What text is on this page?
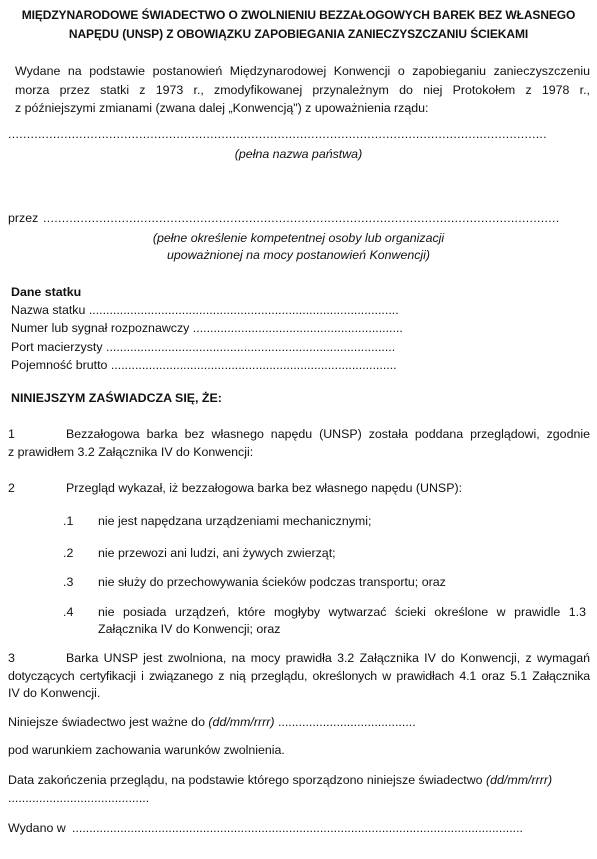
MIĘDZYNARODOWE ŚWIADECTWO O ZWOLNIENIU BEZZAŁOGOWYCH BAREK BEZ WŁASNEGO
NAPĘDU (UNSP) Z OBOWIĄZKU ZAPOBIEGANIA ZANIECZYSZCZANIU ŚCIEKAMI
Wydane na podstawie postanowień Międzynarodowej Konwencji o zapobieganiu zanieczyszczeniu
morza przez statki z 1973 r., zmodyfikowanej przynależnym do niej Protokołem z 1978 r.,
z późniejszymi zmianami (zwana dalej „Konwencją") z upoważnienia rządu:
................................................................................................................................................
(pełna nazwa państwa)
przez ..........................................................................................................................................
(pełne określenie kompetentnej osoby lub organizacji
upoważnionej na mocy postanowień Konwencji)
Dane statku
Nazwa statku ..........................................................................................
Numer lub sygnał rozpoznawczy .............................................................
Port macierzysty ....................................................................................
Pojemność brutto ...................................................................................
NINIEJSZYM ZAŚWIADCZA SIĘ, ŻE:
1	Bezzałogowa barka bez własnego napędu (UNSP) została poddana przeglądowi, zgodnie
z prawidłem 3.2 Załącznika IV do Konwencji:
2	Przegląd wykazał, iż bezzałogowa barka bez własnego napędu (UNSP):
.1 nie jest napędzana urządzeniami mechanicznymi;
.2 nie przewozi ani ludzi, ani żywych zwierząt;
.3 nie służy do przechowywania ścieków podczas transportu; oraz
.4 nie posiada urządzeń, które mogłyby wytwarzać ścieki określone w prawidle 1.3
Załącznika IV do Konwencji; oraz
3	Barka UNSP jest zwolniona, na mocy prawidła 3.2 Załącznika IV do Konwencji, z wymagań
dotyczących certyfikacji i związanego z nią przeglądu, określonych w prawidłach 4.1 oraz 5.1 Załącznika
IV do Konwencji.
Niniejsze świadectwo jest ważne do (dd/mm/rrrr) ........................................
pod warunkiem zachowania warunków zwolnienia.
Data zakończenia przeglądu, na podstawie którego sporządzono niniejsze świadectwo (dd/mm/rrrr)
.........................................
Wydano w ...................................................................................................................................
